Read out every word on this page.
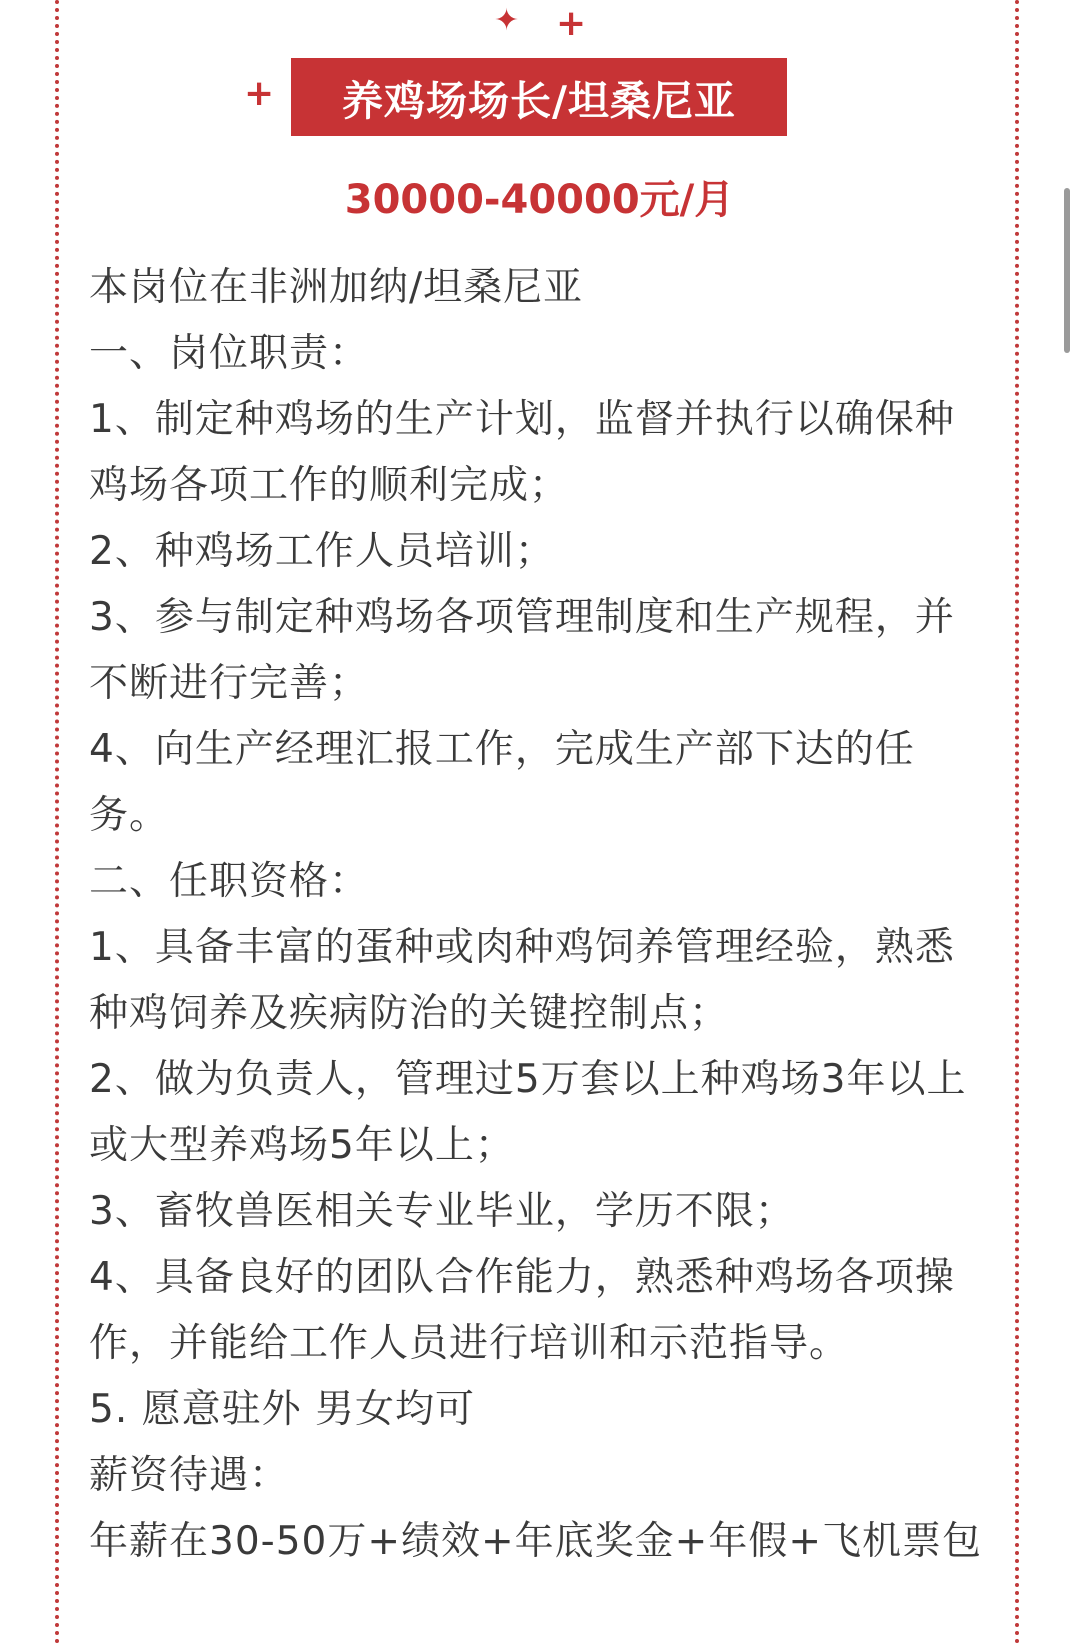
✦ +
+ 养鸡场场长/坦桑尼亚
30000-40000元/月

本岗位在非洲加纳/坦桑尼亚

一、岗位职责：

1、制定种鸡场的生产计划，监督并执行以确保种鸡场各项工作的顺利完成；

2、种鸡场工作人员培训；

3、参与制定种鸡场各项管理制度和生产规程，并不断进行完善；

4、向生产经理汇报工作，完成生产部下达的任务。

二、任职资格：

1、具备丰富的蛋种或肉种鸡饲养管理经验，熟悉种鸡饲养及疾病防治的关键控制点；

2、做为负责人，管理过5万套以上种鸡场3年以上或大型养鸡场5年以上；

3、畜牧兽医相关专业毕业，学历不限；

4、具备良好的团队合作能力，熟悉种鸡场各项操作，并能给工作人员进行培训和示范指导。

5. 愿意驻外 男女均可

薪资待遇：

年薪在30-50万+绩效+年底奖金+年假+飞机票包
